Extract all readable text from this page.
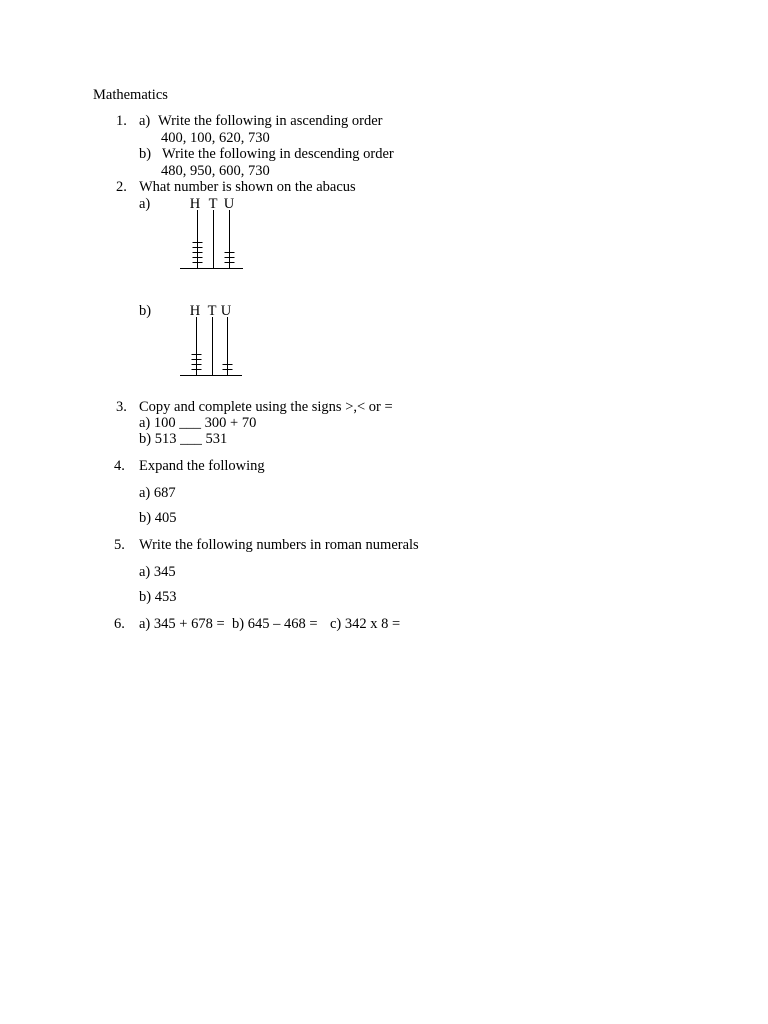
Mathematics
1. a) Write the following in ascending order
400, 100, 620, 730
b) Write the following in descending order
480, 950, 600, 730
2. What number is shown on the abacus
a)	H T U
b)	H T U
3. Copy and complete using the signs >,< or =
a) 100 ___ 300 + 70
b) 513 ___ 531
4. Expand the following
a) 687
b) 405
5. Write the following numbers in roman numerals
a) 345
b) 453
6. a) 345 + 678 = b) 645 – 468 = c) 342 x 8 =
